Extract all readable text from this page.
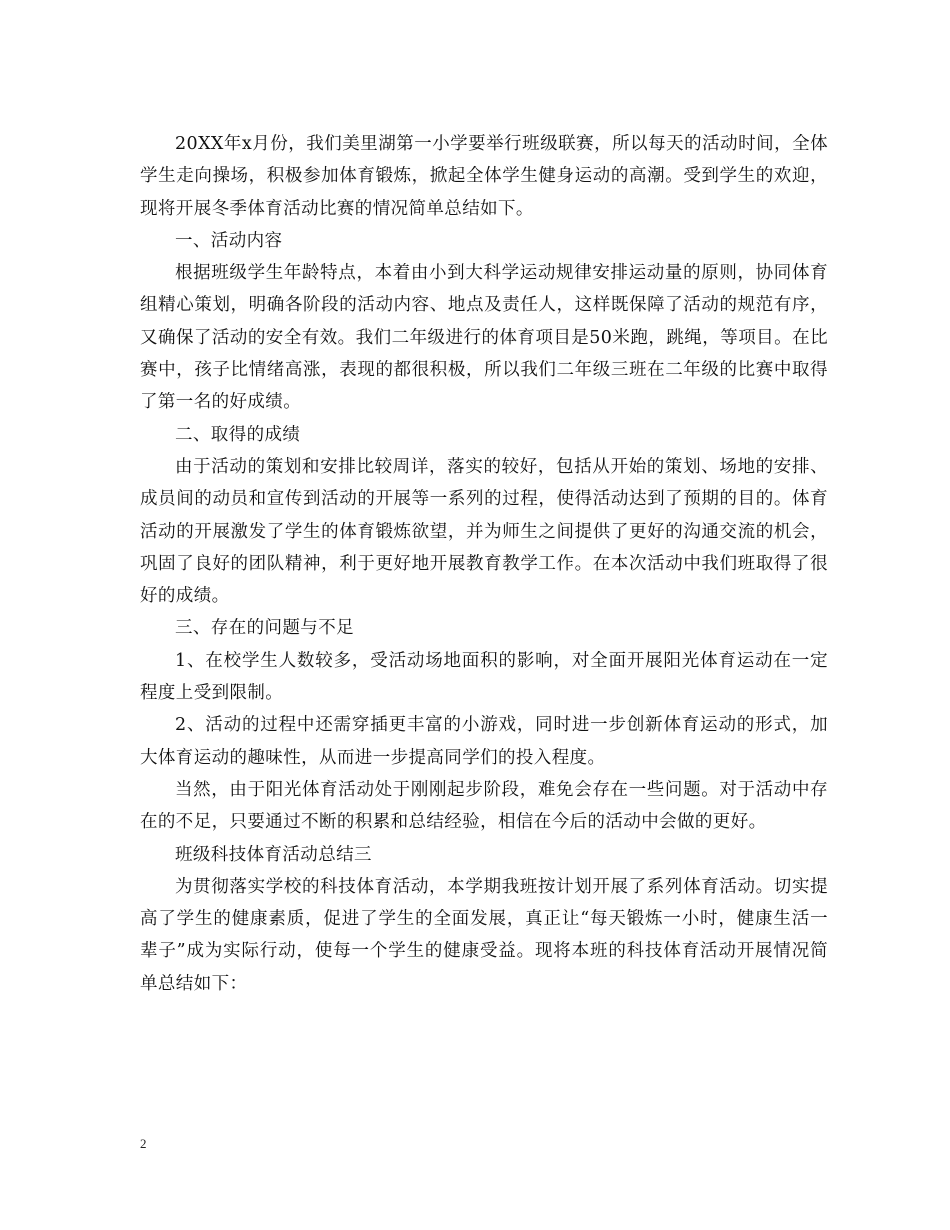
20XX年x月份，我们美里湖第一小学要举行班级联赛，所以每天的活动时间，全体学生走向操场，积极参加体育锻炼，掀起全体学生健身运动的高潮。受到学生的欢迎，现将开展冬季体育活动比赛的情况简单总结如下。

一、活动内容

根据班级学生年龄特点，本着由小到大科学运动规律安排运动量的原则，协同体育组精心策划，明确各阶段的活动内容、地点及责任人，这样既保障了活动的规范有序，又确保了活动的安全有效。我们二年级进行的体育项目是50米跑，跳绳，等项目。在比赛中，孩子比情绪高涨，表现的都很积极，所以我们二年级三班在二年级的比赛中取得了第一名的好成绩。

二、取得的成绩

由于活动的策划和安排比较周详，落实的较好，包括从开始的策划、场地的安排、成员间的动员和宣传到活动的开展等一系列的过程，使得活动达到了预期的目的。体育活动的开展激发了学生的体育锻炼欲望，并为师生之间提供了更好的沟通交流的机会，巩固了良好的团队精神，利于更好地开展教育教学工作。在本次活动中我们班取得了很好的成绩。

三、存在的问题与不足

1、在校学生人数较多，受活动场地面积的影响，对全面开展阳光体育运动在一定程度上受到限制。

2、活动的过程中还需穿插更丰富的小游戏，同时进一步创新体育运动的形式，加大体育运动的趣味性，从而进一步提高同学们的投入程度。

当然，由于阳光体育活动处于刚刚起步阶段，难免会存在一些问题。对于活动中存在的不足，只要通过不断的积累和总结经验，相信在今后的活动中会做的更好。

班级科技体育活动总结三

为贯彻落实学校的科技体育活动，本学期我班按计划开展了系列体育活动。切实提高了学生的健康素质，促进了学生的全面发展，真正让“每天锻炼一小时，健康生活一辈子”成为实际行动，使每一个学生的健康受益。现将本班的科技体育活动开展情况简单总结如下：

2
